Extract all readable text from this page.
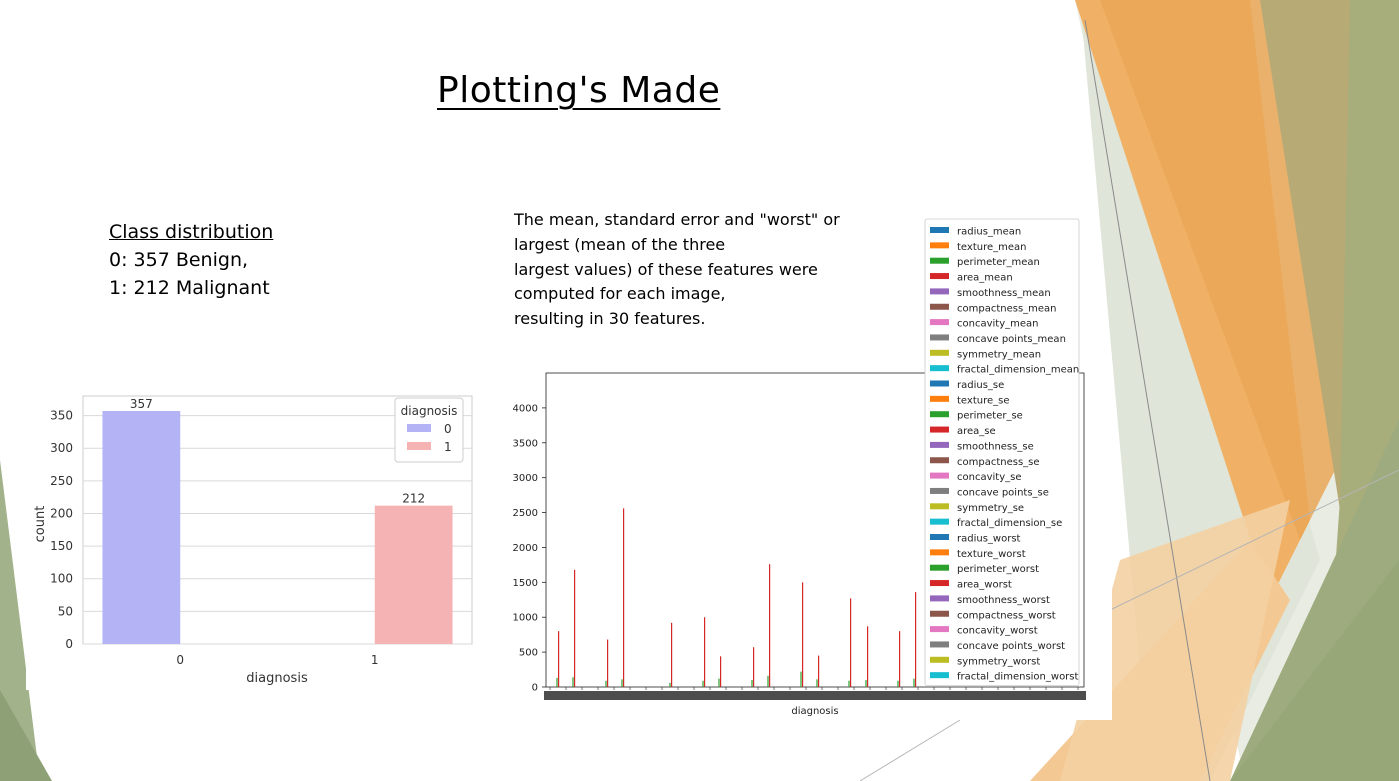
Plotting's Made
Class distribution
0: 357 Benign,
1: 212 Malignant
The mean, standard error and "worst" or
largest (mean of the three
largest values) of these features were
computed for each image,
resulting in 30 features.
357
212
0
50
100
150
200
250
300
350
0	1
count
diagnosis
diagnosis
0
1
0
500
1000
1500
2000
2500
3000
3500
4000
diagnosis
radius_mean
texture_mean
perimeter_mean
area_mean
smoothness_mean
compactness_mean
concavity_mean
concave points_mean
symmetry_mean
fractal_dimension_mean
radius_se
texture_se
perimeter_se
area_se
smoothness_se
compactness_se
concavity_se
concave points_se
symmetry_se
fractal_dimension_se
radius_worst
texture_worst
perimeter_worst
area_worst
smoothness_worst
compactness_worst
concavity_worst
concave points_worst
symmetry_worst
fractal_dimension_worst
